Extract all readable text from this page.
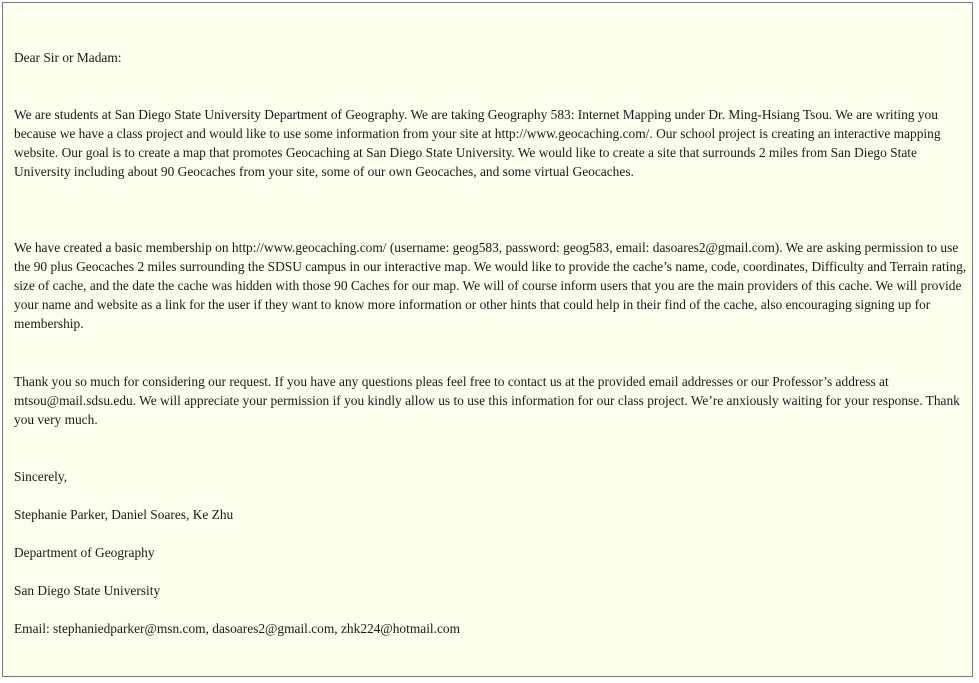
Dear Sir or Madam:

We are students at San Diego State University Department of Geography. We are taking Geography 583: Internet Mapping under Dr. Ming-Hsiang Tsou. We are writing you because we have a class project and would like to use some information from your site at http://www.geocaching.com/. Our school project is creating an interactive mapping website. Our goal is to create a map that promotes Geocaching at San Diego State University. We would like to create a site that surrounds 2 miles from San Diego State University including about 90 Geocaches from your site, some of our own Geocaches, and some virtual Geocaches.

We have created a basic membership on http://www.geocaching.com/ (username: geog583, password: geog583, email: dasoares2@gmail.com). We are asking permission to use the 90 plus Geocaches 2 miles surrounding the SDSU campus in our interactive map. We would like to provide the cache’s name, code, coordinates, Difficulty and Terrain rating, size of cache, and the date the cache was hidden with those 90 Caches for our map. We will of course inform users that you are the main providers of this cache. We will provide your name and website as a link for the user if they want to know more information or other hints that could help in their find of the cache, also encouraging signing up for membership.

Thank you so much for considering our request. If you have any questions pleas feel free to contact us at the provided email addresses or our Professor’s address at mtsou@mail.sdsu.edu. We will appreciate your permission if you kindly allow us to use this information for our class project. We’re anxiously waiting for your response. Thank you very much.

Sincerely,

Stephanie Parker, Daniel Soares, Ke Zhu

Department of Geography

San Diego State University

Email: stephaniedparker@msn.com, dasoares2@gmail.com, zhk224@hotmail.com
